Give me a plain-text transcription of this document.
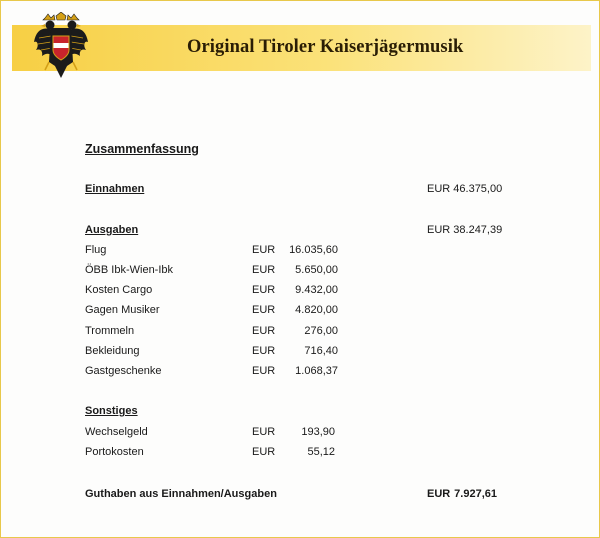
Original Tiroler Kaiserjägermusik
Zusammenfassung
Einnahmen	EUR 46.375,00
Ausgaben	EUR 38.247,39
Flug	EUR	16.035,60
ÖBB Ibk-Wien-Ibk	EUR	5.650,00
Kosten Cargo	EUR	9.432,00
Gagen Musiker	EUR	4.820,00
Trommeln	EUR	276,00
Bekleidung	EUR	716,40
Gastgeschenke	EUR	1.068,37
Sonstiges
Wechselgeld	EUR	193,90
Portokosten	EUR	55,12
Guthaben aus Einnahmen/Ausgaben	EUR 7.927,61
